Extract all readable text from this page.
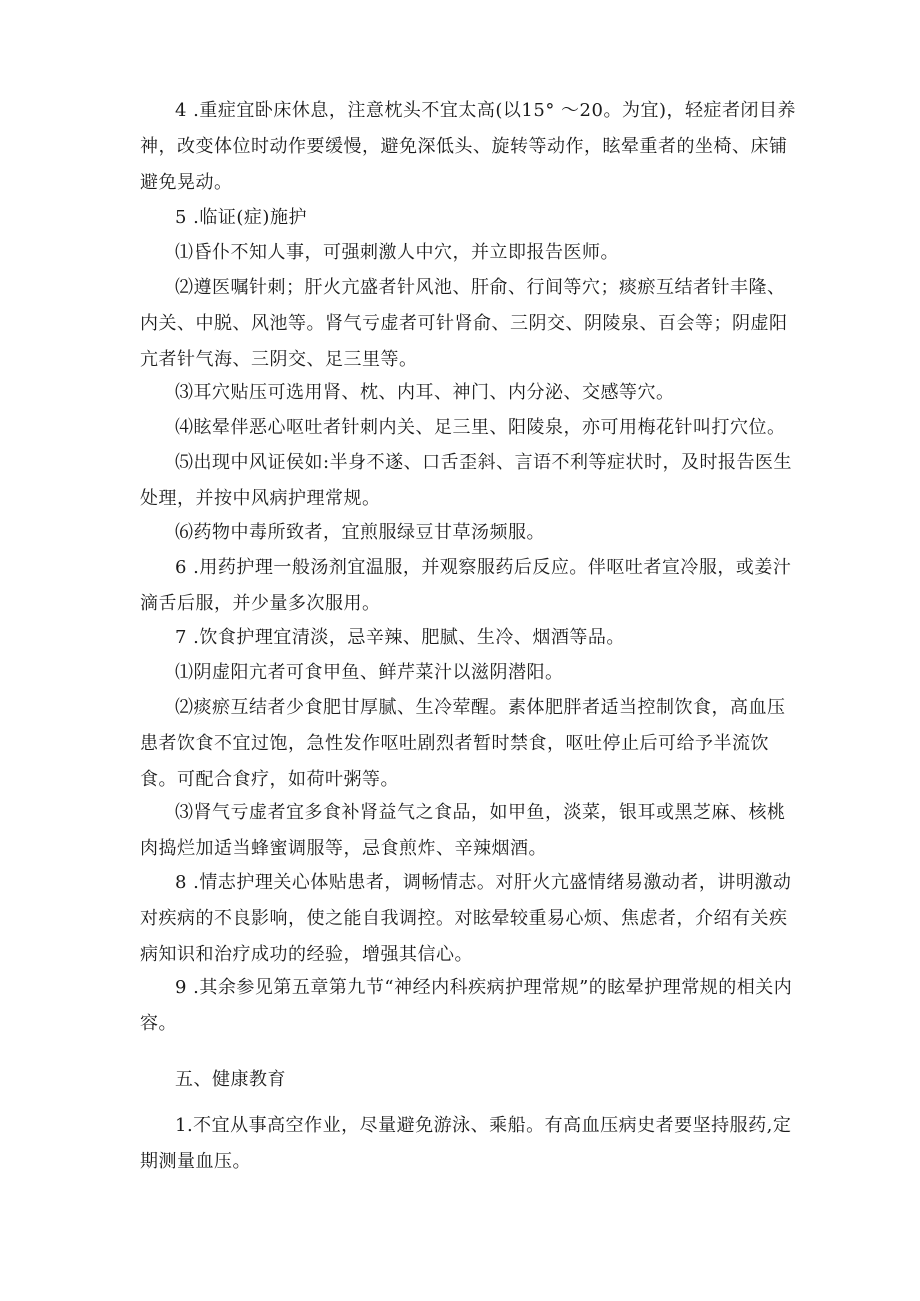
4 .重症宜卧床休息，注意枕头不宜太高(以15° ～20。为宜)，轻症者闭目养神，改变体位时动作要缓慢，避免深低头、旋转等动作，眩晕重者的坐椅、床铺避免晃动。

5 .临证(症)施护

⑴昏仆不知人事，可强刺激人中穴，并立即报告医师。

⑵遵医嘱针刺；肝火亢盛者针风池、肝俞、行间等穴；痰瘀互结者针丰隆、内关、中脱、风池等。肾气亏虚者可针肾俞、三阴交、阴陵泉、百会等；阴虚阳亢者针气海、三阴交、足三里等。

⑶耳穴贴压可选用肾、枕、内耳、神门、内分泌、交感等穴。

⑷眩晕伴恶心呕吐者针刺内关、足三里、阳陵泉，亦可用梅花针叫打穴位。

⑸出现中风证侯如:半身不遂、口舌歪斜、言语不利等症状时，及时报告医生处理，并按中风病护理常规。

⑹药物中毒所致者，宜煎服绿豆甘草汤频服。

6 .用药护理一般汤剂宜温服，并观察服药后反应。伴呕吐者宣冷服，或姜汁滴舌后服，并少量多次服用。

7 .饮食护理宜清淡，忌辛辣、肥腻、生冷、烟酒等品。

⑴阴虚阳亢者可食甲鱼、鲜芹菜汁以滋阴潜阳。

⑵痰瘀互结者少食肥甘厚腻、生冷荤醒。素体肥胖者适当控制饮食，高血压患者饮食不宜过饱，急性发作呕吐剧烈者暂时禁食，呕吐停止后可给予半流饮食。可配合食疗，如荷叶粥等。

⑶肾气亏虚者宜多食补肾益气之食品，如甲鱼，淡菜，银耳或黑芝麻、核桃肉捣烂加适当蜂蜜调服等，忌食煎炸、辛辣烟酒。

8 .情志护理关心体贴患者，调畅情志。对肝火亢盛情绪易激动者，讲明激动对疾病的不良影响，使之能自我调控。对眩晕较重易心烦、焦虑者，介绍有关疾病知识和治疗成功的经验，增强其信心。

9 .其余参见第五章第九节“神经内科疾病护理常规”的眩晕护理常规的相关内容。

五、健康教育

1.不宜从事高空作业，尽量避免游泳、乘船。有高血压病史者要坚持服药,定期测量血压。
